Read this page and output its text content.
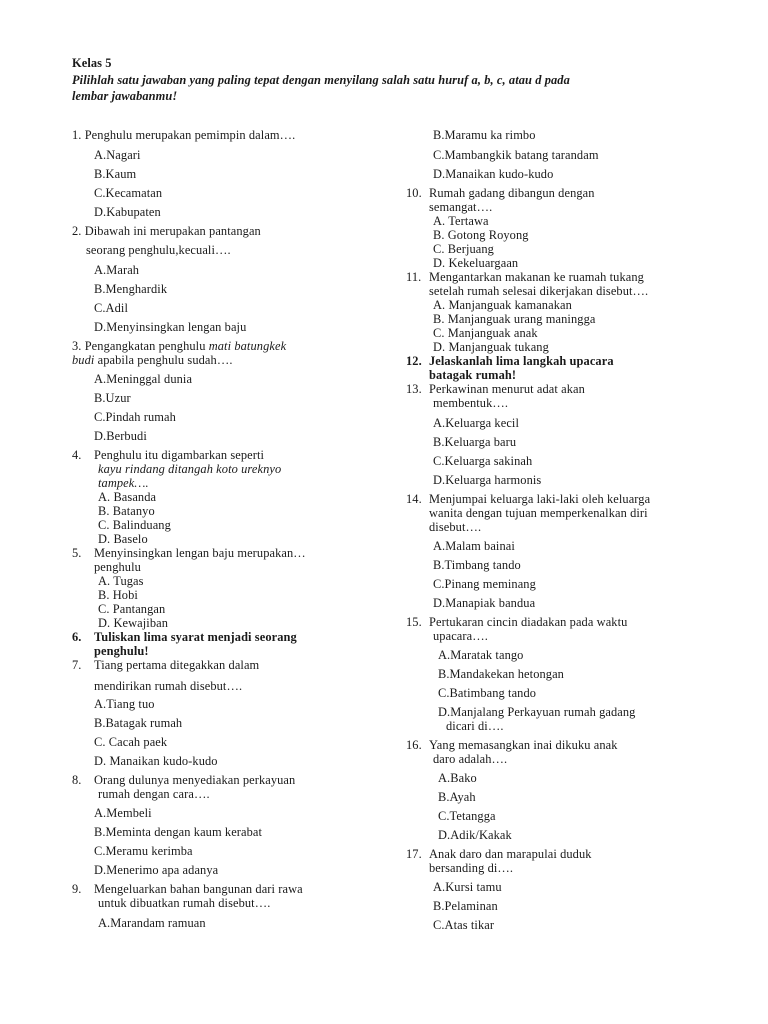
Kelas 5
Pilihlah satu jawaban yang paling tepat dengan menyilang salah satu huruf a, b, c, atau d pada
lembar jawabanmu!
1. Penghulu merupakan pemimpin dalam….
A.Nagari
B.Kaum
C.Kecamatan
D.Kabupaten
2. Dibawah ini merupakan pantangan
seorang penghulu,kecuali….
A.Marah
B.Menghardik
C.Adil
D.Menyinsingkan lengan baju
3. Pengangkatan penghulu mati batungkek
budi apabila penghulu sudah….
A.Meninggal dunia
B.Uzur
C.Pindah rumah
D.Berbudi
4. Penghulu itu digambarkan seperti
kayu rindang ditangah koto ureknyo
tampek….
A. Basanda
B. Batanyo
C. Balinduang
D. Baselo
5. Menyinsingkan lengan baju merupakan…
penghulu
A. Tugas
B. Hobi
C. Pantangan
D. Kewajiban
6. Tuliskan lima syarat menjadi seorang
penghulu!
7. Tiang pertama ditegakkan dalam
mendirikan rumah disebut….
A.Tiang tuo
B.Batagak rumah
C. Cacah paek
D. Manaikan kudo-kudo
8. Orang dulunya menyediakan perkayuan
rumah dengan cara….
A.Membeli
B.Meminta dengan kaum kerabat
C.Meramu kerimba
D.Menerimo apa adanya
9. Mengeluarkan bahan bangunan dari rawa
untuk dibuatkan rumah disebut….
A.Marandam ramuan
B.Maramu ka rimbo
C.Mambangkik batang tarandam
D.Manaikan kudo-kudo
10. Rumah gadang dibangun dengan
semangat….
A. Tertawa
B. Gotong Royong
C. Berjuang
D. Kekeluargaan
11. Mengantarkan makanan ke ruamah tukang
setelah rumah selesai dikerjakan disebut….
A. Manjanguak kamanakan
B. Manjanguak urang maningga
C. Manjanguak anak
D. Manjanguak tukang
12. Jelaskanlah lima langkah upacara
batagak rumah!
13. Perkawinan menurut adat akan
membentuk….
A.Keluarga kecil
B.Keluarga baru
C.Keluarga sakinah
D.Keluarga harmonis
14. Menjumpai keluarga laki-laki oleh keluarga
wanita dengan tujuan memperkenalkan diri
disebut….
A.Malam bainai
B.Timbang tando
C.Pinang meminang
D.Manapiak bandua
15. Pertukaran cincin diadakan pada waktu
upacara….
A.Maratak tango
B.Mandakekan hetongan
C.Batimbang tando
D.Manjalang Perkayuan rumah gadang
dicari di….
16. Yang memasangkan inai dikuku anak
daro adalah….
A.Bako
B.Ayah
C.Tetangga
D.Adik/Kakak
17. Anak daro dan marapulai duduk
bersanding di….
A.Kursi tamu
B.Pelaminan
C.Atas tikar
